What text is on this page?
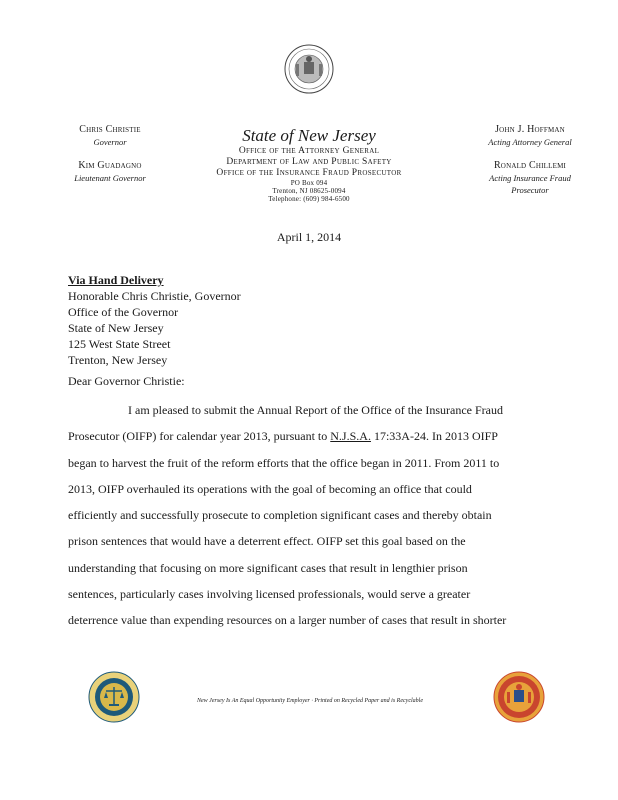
Chris Christie
Governor
Kim Guadagno
Lieutenant Governor
State of New Jersey
Office of the Attorney General
Department of Law and Public Safety
Office of the Insurance Fraud Prosecutor
PO Box 094
Trenton, NJ 08625-0094
Telephone: (609) 984-6500
John J. Hoffman
Acting Attorney General
Ronald Chillemi
Acting Insurance Fraud
Prosecutor
April 1, 2014
Via Hand Delivery
Honorable Chris Christie, Governor
Office of the Governor
State of New Jersey
125 West State Street
Trenton, New Jersey
Dear Governor Christie:
I am pleased to submit the Annual Report of the Office of the Insurance Fraud
Prosecutor (OIFP) for calendar year 2013, pursuant to N.J.S.A. 17:33A-24. In 2013 OIFP
began to harvest the fruit of the reform efforts that the office began in 2011. From 2011 to
2013, OIFP overhauled its operations with the goal of becoming an office that could
efficiently and successfully prosecute to completion significant cases and thereby obtain
prison sentences that would have a deterrent effect. OIFP set this goal based on the
understanding that focusing on more significant cases that result in lengthier prison
sentences, particularly cases involving licensed professionals, would serve a greater
deterrence value than expending resources on a larger number of cases that result in shorter
New Jersey Is An Equal Opportunity Employer · Printed on Recycled Paper and is Recyclable
